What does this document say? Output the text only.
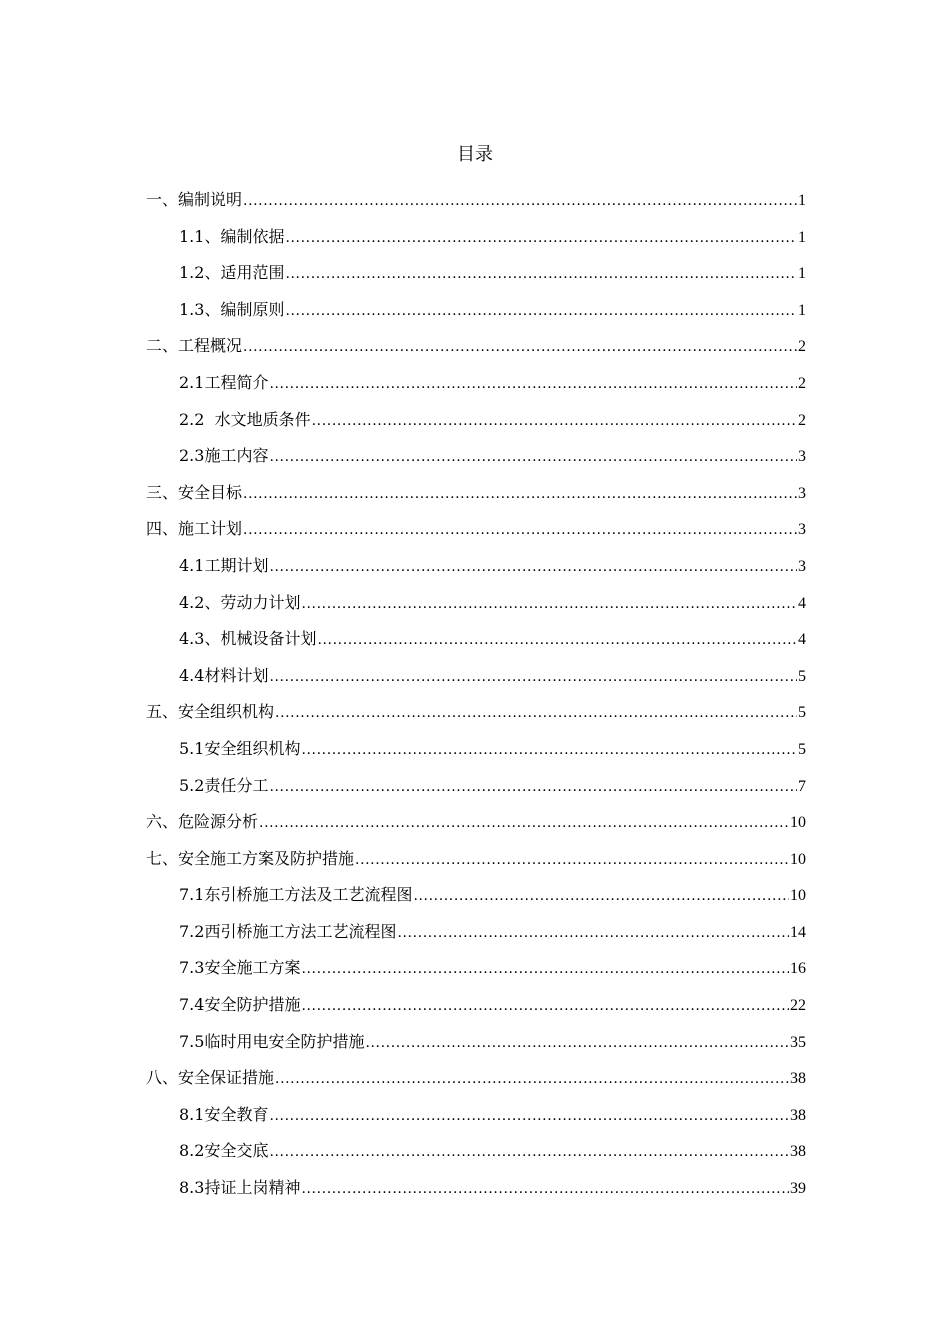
目录
一、编制说明 .....	1
1.1、编制依据 .....	1
1.2、适用范围 .....	1
1.3、编制原则 .....	1
二、工程概况 .....	2
2.1工程简介 .....	2
2.2  水文地质条件 .....	2
2.3施工内容 .....	3
三、安全目标 .....	3
四、施工计划 .....	3
4.1工期计划 .....	3
4.2、劳动力计划 .....	4
4.3、机械设备计划 .....	4
4.4材料计划 .....	5
五、安全组织机构 .....	5
5.1安全组织机构 .....	5
5.2责任分工 .....	7
六、危险源分析 .....	10
七、安全施工方案及防护措施 .....	10
7.1东引桥施工方法及工艺流程图 .....	10
7.2西引桥施工方法工艺流程图 .....	14
7.3安全施工方案 .....	16
7.4安全防护措施 .....	22
7.5临时用电安全防护措施 .....	35
八、安全保证措施 .....	38
8.1安全教育 .....	38
8.2安全交底 .....	38
8.3持证上岗精神 .....	39
